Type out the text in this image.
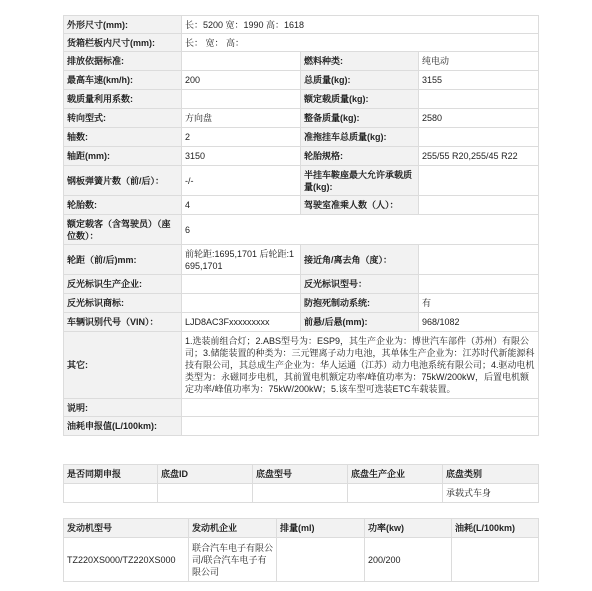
外形尺寸(mm):	长：5200 宽：1990 高：1618		
货箱栏板内尺寸(mm):	长： 宽： 高：		
排放依据标准:		燃料种类:	纯电动
最高车速(km/h):	200	总质量(kg):	3155
载质量利用系数:		额定载质量(kg):	
转向型式:	方向盘	整备质量(kg):	2580
轴数:	2	准拖挂车总质量(kg):	
轴距(mm):	3150	轮胎规格:	255/55 R20,255/45 R22
钢板弹簧片数（前/后）：	-/-	半挂车鞍座最大允许承载质量(kg):	
轮胎数:	4	驾驶室准乘人数（人）：	
额定载客（含驾驶员）（座位数）：	6		
轮距（前/后)mm:	前轮距:1695,1701 后轮距:1695,1701	接近角/离去角（度）：	
反光标识生产企业:		反光标识型号：	
反光标识商标:		防抱死制动系统:	有
车辆识别代号（VIN）：	LJD8AC3Fxxxxxxxxx	前悬/后悬(mm):	968/1082
其它:	1.选装前组合灯；2.ABS型号为：ESP9，其生产企业为：博世汽车部件（苏州）有限公司；3.储能装置的种类为：三元锂离子动力电池，其单体生产企业为：江苏时代新能源科技有限公司，其总成生产企业为：华人运通（江苏）动力电池系统有限公司；4.驱动电机类型为：永磁同步电机，其前置电机额定功率/峰值功率为：75kW/200kW，后置电机额定功率/峰值功率为：75kW/200kW；5.该车型可选装ETC车载装置。		
说明:			
油耗申报值(L/100km):			
是否同期申报	底盘ID	底盘型号	底盘生产企业	底盘类别
				承载式车身
发动机型号	发动机企业	排量(ml)	功率(kw)	油耗(L/100km)
TZ220XS000/TZ220XS000	联合汽车电子有限公司/联合汽车电子有限公司		200/200	
